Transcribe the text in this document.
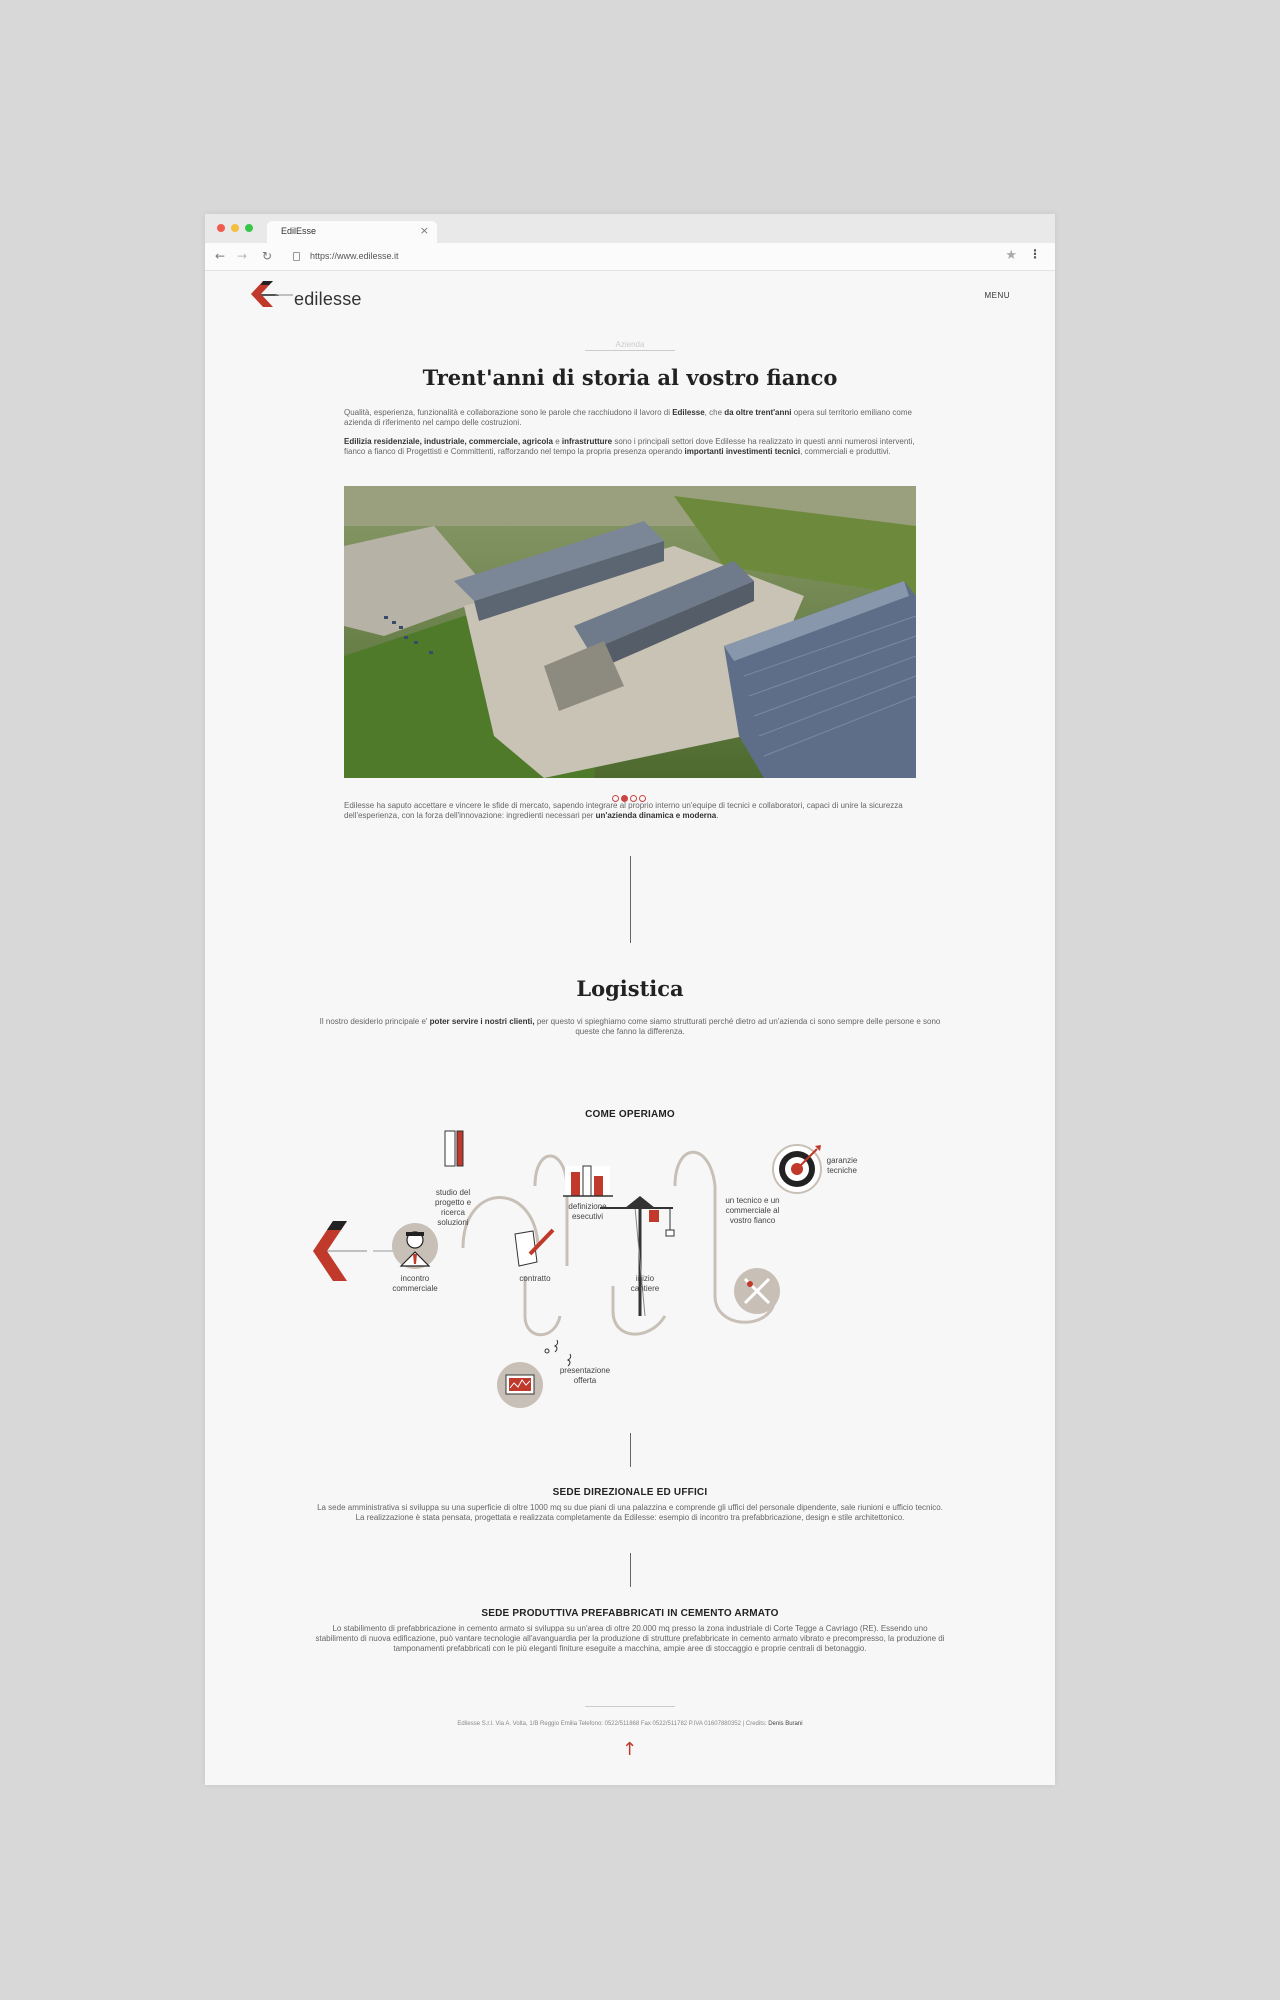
EdilEsse	×
← → ↻	https://www.edilesse.it	★ ⋮
edilesse	MENU
Azienda
Trent'anni di storia al vostro fianco

Qualità, esperienza, funzionalità e collaborazione sono le parole che racchiudono il lavoro di Edilesse, che da oltre trent'anni opera sul territorio emiliano come azienda di riferimento nel campo delle costruzioni.

Edilizia residenziale, industriale, commerciale, agricola e infrastrutture sono i principali settori dove Edilesse ha realizzato in questi anni numerosi interventi, fianco a fianco di Progettisti e Committenti, rafforzando nel tempo la propria presenza operando importanti investimenti tecnici, commerciali e produttivi.

Edilesse ha saputo accettare e vincere le sfide di mercato, sapendo integrare al proprio interno un'equipe di tecnici e collaboratori, capaci di unire la sicurezza dell'esperienza, con la forza dell'innovazione: ingredienti necessari per un'azienda dinamica e moderna.

Logistica

Il nostro desiderio principale e' poter servire i nostri clienti, per questo vi spieghiamo come siamo strutturati perché dietro ad un'azienda ci sono sempre delle persone e sono queste che fanno la differenza.

COME OPERIAMO
incontro
commerciale
studio del
progetto e
ricerca
soluzioni
contratto
presentazione
offerta
definizione
esecutivi
inizio
cantiere
un tecnico e un
commerciale al
vostro fianco
garanzie
tecniche
SEDE DIREZIONALE ED UFFICI

La sede amministrativa si sviluppa su una superficie di oltre 1000 mq su due piani di una palazzina e comprende gli uffici del personale dipendente, sale riunioni e ufficio tecnico. La realizzazione è stata pensata, progettata e realizzata completamente da Edilesse: esempio di incontro tra prefabbricazione, design e stile architettonico.

SEDE PRODUTTIVA PREFABBRICATI IN CEMENTO ARMATO

Lo stabilimento di prefabbricazione in cemento armato si sviluppa su un'area di oltre 20.000 mq presso la zona industriale di Corte Tegge a Cavriago (RE). Essendo uno stabilimento di nuova edificazione, può vantare tecnologie all'avanguardia per la produzione di strutture prefabbricate in cemento armato vibrato e precompresso, la produzione di tamponamenti prefabbricati con le più eleganti finiture eseguite a macchina, ampie aree di stoccaggio e proprie centrali di betonaggio.

Edilesse S.r.l. Via A. Volta, 1/B Reggio Emilia Telefono: 0522/511868 Fax 0522/511782 P.IVA 01607880352 | Credits: Denis Burani
↑
